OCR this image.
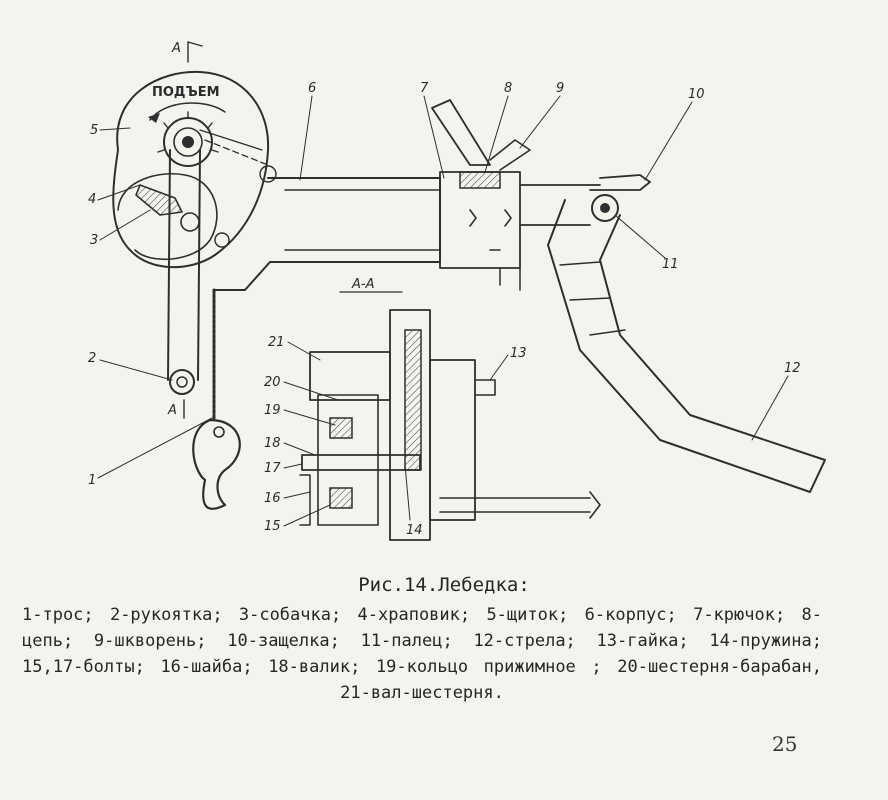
1
2
3
4
5
6	7	8	9	10
11
12
13
14
15
16
17
18
19
20
21
А
А
А-А
ПОДЪЕМ
Рис.14.Лебедка:
1-трос; 2-рукоятка; 3-собачка; 4-храповик; 5-щиток; 6-корпус; 7-крючок; 8-цепь; 9-шкворень; 10-защелка; 11-палец; 12-стрела; 13-гайка; 14-пружина; 15,17-болты; 16-шайба; 18-валик; 19-кольцо прижимное ; 20-шестерня-барабан, 21-вал-шестерня.
25
